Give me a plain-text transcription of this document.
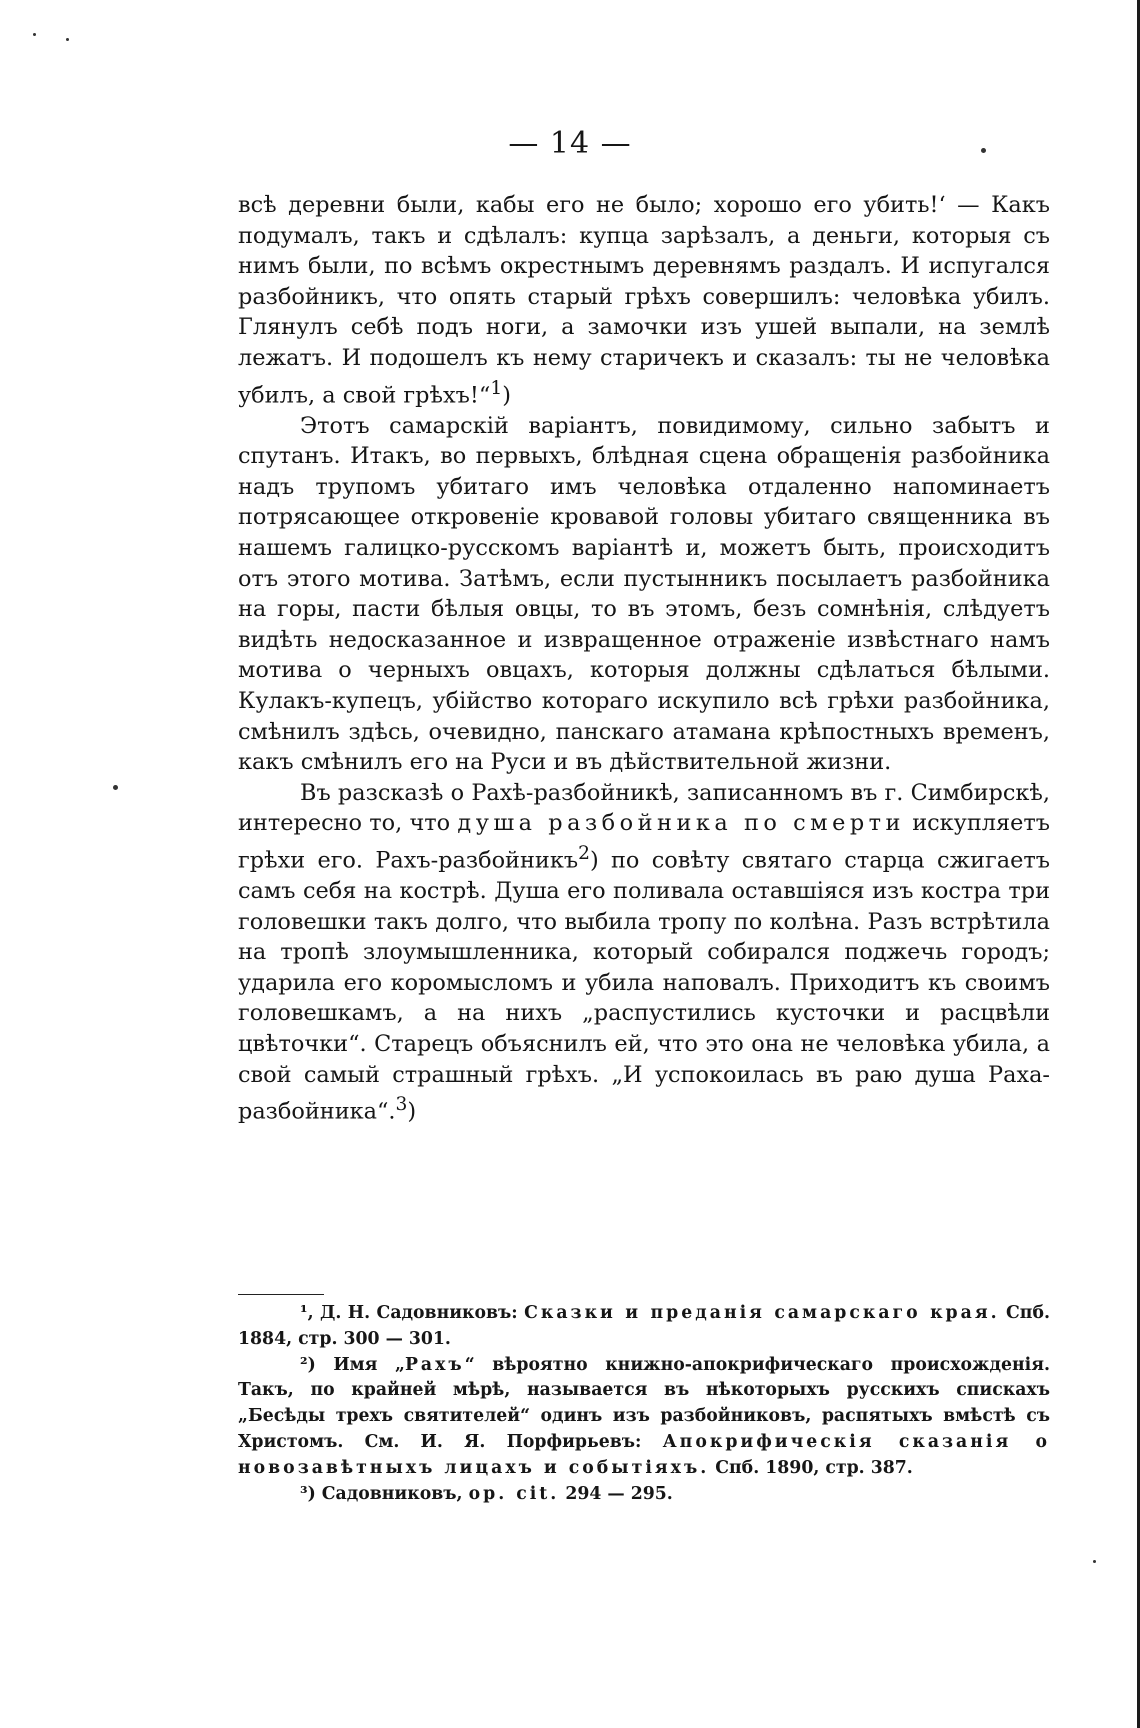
— 14 —

всѣ деревни были, кабы его не было; хорошо его убить!‘ — Какъ подумалъ, такъ и сдѣлалъ: купца зарѣзалъ, а деньги, которыя съ нимъ были, по всѣмъ окрестнымъ деревнямъ раздалъ. И испугался разбойникъ, что опять старый грѣхъ совершилъ: человѣка убилъ. Глянулъ себѣ подъ ноги, а замочки изъ ушей выпали, на землѣ лежатъ. И подошелъ къ нему старичекъ и сказалъ: ты не человѣка убилъ, а свой грѣхъ!“$^1$)

Этотъ самарскій варіантъ, повидимому, сильно забытъ и спутанъ. Итакъ, во первыхъ, блѣдная сцена обращенія разбойника надъ трупомъ убитаго имъ человѣка отдаленно напоминаетъ потрясающее откровеніе кровавой головы убитаго священника въ нашемъ галицко-русскомъ варіантѣ и, можетъ быть, происходитъ отъ этого мотива. Затѣмъ, если пустынникъ посылаетъ разбойника на горы, пасти бѣлыя овцы, то въ этомъ, безъ сомнѣнія, слѣдуетъ видѣть недосказанное и извращенное отраженіе извѣстнаго намъ мотива о черныхъ овцахъ, которыя должны сдѣлаться бѣлыми. Кулакъ-купецъ, убійство котораго искупило всѣ грѣхи разбойника, смѣнилъ здѣсь, очевидно, панскаго атамана крѣпостныхъ временъ, какъ смѣнилъ его на Руси и въ дѣйствительной жизни.

Въ разсказѣ о Рахѣ-разбойникѣ, записанномъ въ г. Симбирскѣ, интересно то, что душа разбойника по смерти искупляетъ грѣхи его. Рахъ-разбойникъ$^2$) по совѣту святаго старца сжигаетъ самъ себя на кострѣ. Душа его поливала оставшіяся изъ костра три головешки такъ долго, что выбила тропу по колѣна. Разъ встрѣтила на тропѣ злоумышленника, который собирался поджечь городъ; ударила его коромысломъ и убила наповалъ. Приходитъ къ своимъ головешкамъ, а на нихъ „распустились кусточки и расцвѣли цвѣточки“. Старецъ объяснилъ ей, что это она не человѣка убила, а свой самый страшный грѣхъ. „И успокоилась въ раю душа Раха-разбойника“.$^3$)

¹, Д. Н. Садовниковъ: Сказки и преданія самарскаго края. Спб. 1884, стр. 300 — 301.

²) Имя „Рахъ“ вѣроятно книжно-апокрифическаго происхожденія. Такъ, по крайней мѣрѣ, называется въ нѣкоторыхъ русскихъ спискахъ „Бесѣды трехъ святителей“ одинъ изъ разбойниковъ, распятыхъ вмѣстѣ съ Христомъ. См. И. Я. Порфирьевъ: Апокрифическія сказанія о новозавѣтныхъ лицахъ и событіяхъ. Спб. 1890, стр. 387.

³) Садовниковъ, op. cit. 294 — 295.
